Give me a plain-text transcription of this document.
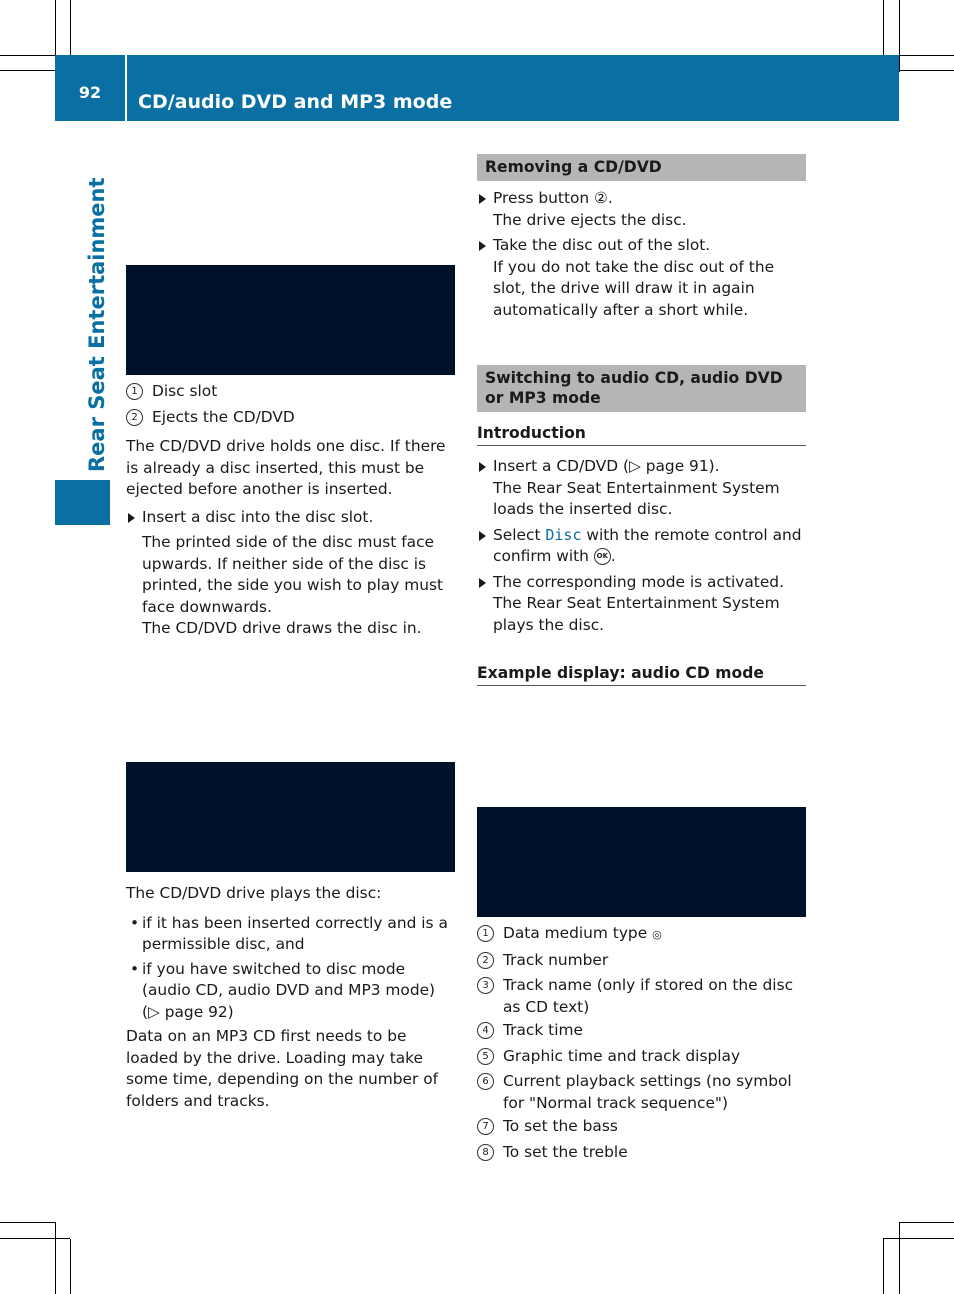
92	CD/audio DVD and MP3 mode
Rear Seat Entertainment	1 Disc slot
2 Ejects the CD/DVD

The CD/DVD drive holds one disc. If there is already a disc inserted, this must be ejected before another is inserted.

Insert a disc into the disc slot.

The printed side of the disc must face upwards. If neither side of the disc is printed, the side you wish to play must face downwards.

The CD/DVD drive draws the disc in.

The CD/DVD drive plays the disc:

• if it has been inserted correctly and is a permissible disc, and
• if you have switched to disc mode (audio CD, audio DVD and MP3 mode)
(▷ page 92)

Data on an MP3 CD first needs to be loaded by the drive. Loading may take some time, depending on the number of folders and tracks.

Removing a CD/DVD
Press button ②.

The drive ejects the disc.

Take the disc out of the slot.

If you do not take the disc out of the slot, the drive will draw it in again automatically after a short while.

Switching to audio CD, audio DVD or MP3 mode
Introduction
Insert a CD/DVD (▷ page 91).

The Rear Seat Entertainment System loads the inserted disc.

Select Disc with the remote control and confirm with OK .
The corresponding mode is activated. The Rear Seat Entertainment System plays the disc.
Example display: audio CD mode
1 Data medium type ◎
2 Track number
3 Track name (only if stored on the disc as CD text)
4 Track time
5 Graphic time and track display
6 Current playback settings (no symbol for "Normal track sequence")
7 To set the bass
8 To set the treble
